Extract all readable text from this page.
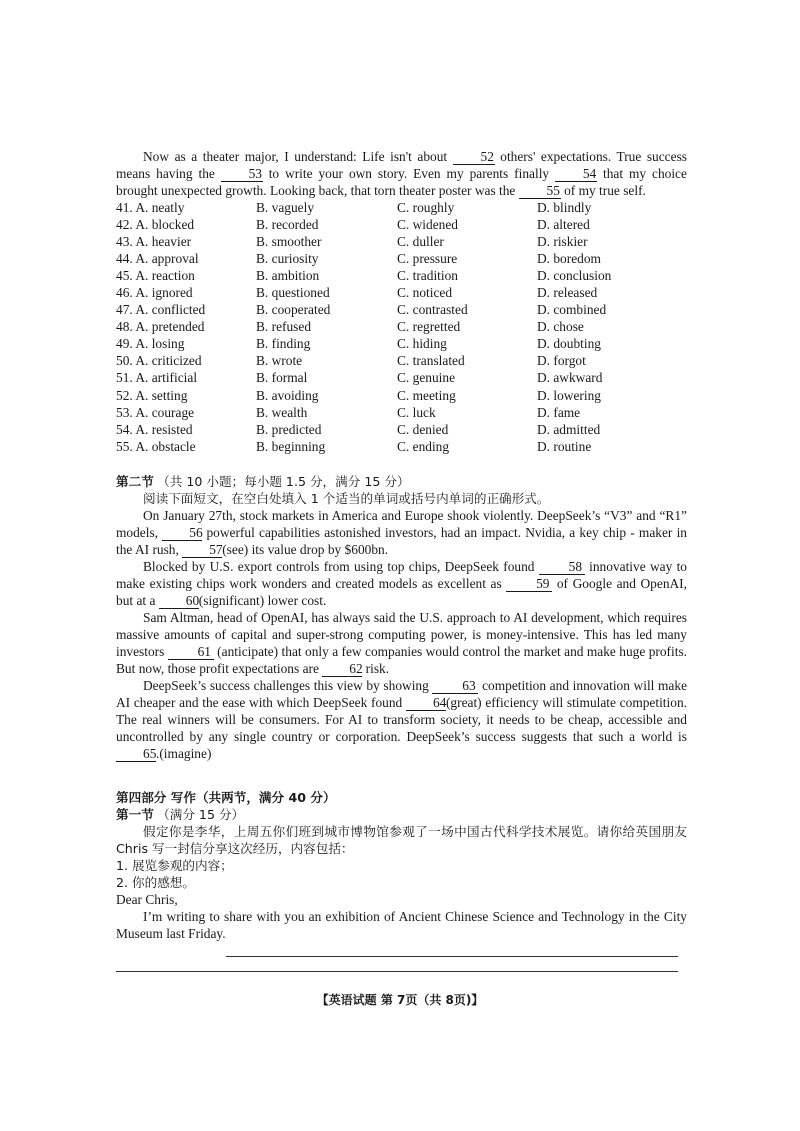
Now as a theater major, I understand: Life isn't about 52 others' expectations. True success means having the	53 to write your own story. Even my parents finally	54 that my choice brought unexpected growth. Looking back, that torn theater poster was the 55 of my true self.

41. A. neatly	B. vaguely	C. roughly	D. blindly
42. A. blocked	B. recorded	C. widened	D. altered
43. A. heavier	B. smoother	C. duller	D. riskier
44. A. approval	B. curiosity	C. pressure	D. boredom
45. A. reaction	B. ambition	C. tradition	D. conclusion
46. A. ignored	B. questioned	C. noticed	D. released
47. A. conflicted	B. cooperated	C. contrasted	D. combined
48. A. pretended	B. refused	C. regretted	D. chose
49. A. losing	B. finding	C. hiding	D. doubting
50. A. criticized	B. wrote	C. translated	D. forgot
51. A. artificial	B. formal	C. genuine	D. awkward
52. A. setting	B. avoiding	C. meeting	D. lowering
53. A. courage	B. wealth	C. luck	D. fame
54. A. resisted	B. predicted	C. denied	D. admitted
55. A. obstacle	B. beginning	C. ending	D. routine

第二节 （共 10 小题；每小题 1.5 分，满分 15 分）

阅读下面短文，在空白处填入 1 个适当的单词或括号内单词的正确形式。

On January 27th, stock markets in America and Europe shook violently. DeepSeek’s “V3” and “R1” models, 56 powerful capabilities astonished investors, had an impact. Nvidia, a key chip - maker in the AI rush, 57(see) its value drop by $600bn.

Blocked by U.S. export controls from using top chips, DeepSeek found	58 innovative way to make existing chips work wonders and created models as excellent as	59 of Google and OpenAI, but at a 60(significant) lower cost.

Sam Altman, head of OpenAI, has always said the U.S. approach to AI development, which requires massive amounts of capital and super-strong computing power, is money-intensive. This has led many investors 61 (anticipate) that only a few companies would control the market and make huge profits. But now, those profit expectations are 62 risk.

DeepSeek’s success challenges this view by showing 63 competition and innovation will make AI cheaper and the ease with which DeepSeek found 64(great) efficiency will stimulate competition. The real winners will be consumers. For AI to transform society, it needs to be cheap, accessible and uncontrolled by any single country or corporation. DeepSeek’s success suggests that such a world is 65.(imagine)

第四部分 写作（共两节，满分 40 分）

第一节 （满分 15 分）

假定你是李华，上周五你们班到城市博物馆参观了一场中国古代科学技术展览。请你给英国朋友 Chris 写一封信分享这次经历，内容包括：

1. 展览参观的内容；

2. 你的感想。

Dear Chris,

I’m writing to share with you an exhibition of Ancient Chinese Science and Technology in the City Museum last Friday.

【英语试题 第 7页（共 8页)】
